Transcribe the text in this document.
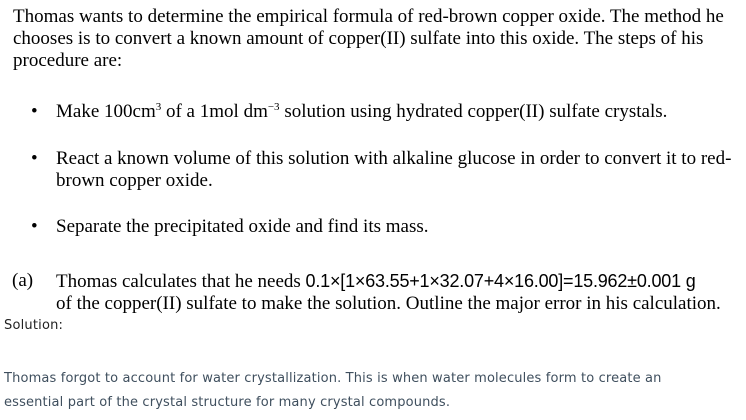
Thomas wants to determine the empirical formula of red-brown copper oxide. The method he chooses is to convert a known amount of copper(II) sulfate into this oxide. The steps of his procedure are:
• Make $100cm^3$ of a 1mol $dm^{-3}$ solution using hydrated copper(II) sulfate crystals.
• React a known volume of this solution with alkaline glucose in order to convert it to red-brown copper oxide.
• Separate the precipitated oxide and find its mass.
(a) Thomas calculates that he needs 0.1×[1×63.55+1×32.07+4×16.00]=15.962±0.001 g
of the copper(II) sulfate to make the solution. Outline the major error in his calculation.
Solution:
Thomas forgot to account for water crystallization. This is when water molecules form to create an essential part of the crystal structure for many crystal compounds.
